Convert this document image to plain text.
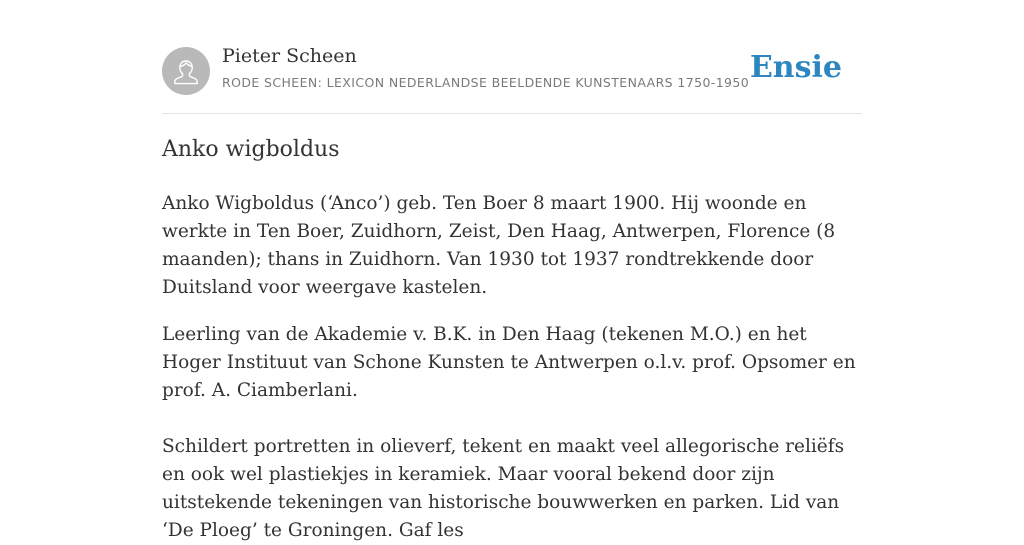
Pieter Scheen
RODE SCHEEN: LEXICON NEDERLANDSE BEELDENDE KUNSTENAARS 1750-1950 Ensie
Anko wigboldus

Anko Wigboldus (‘Anco’) geb. Ten Boer 8 maart 1900. Hij woonde en werkte in Ten Boer, Zuidhorn, Zeist, Den Haag, Antwerpen, Florence (8 maanden); thans in Zuidhorn. Van 1930 tot 1937 rondtrekkende door Duitsland voor weergave kastelen.

Leerling van de Akademie v. B.K. in Den Haag (tekenen M.O.) en het Hoger Instituut van Schone Kunsten te Antwerpen o.l.v. prof. Opsomer en prof. A. Ciamberlani.

Schildert portretten in olieverf, tekent en maakt veel allegorische reliëfs en ook wel plastiekjes in keramiek. Maar vooral bekend door zijn uitstekende tekeningen van historische bouwwerken en parken. Lid van ‘De Ploeg’ te Groningen. Gaf les
